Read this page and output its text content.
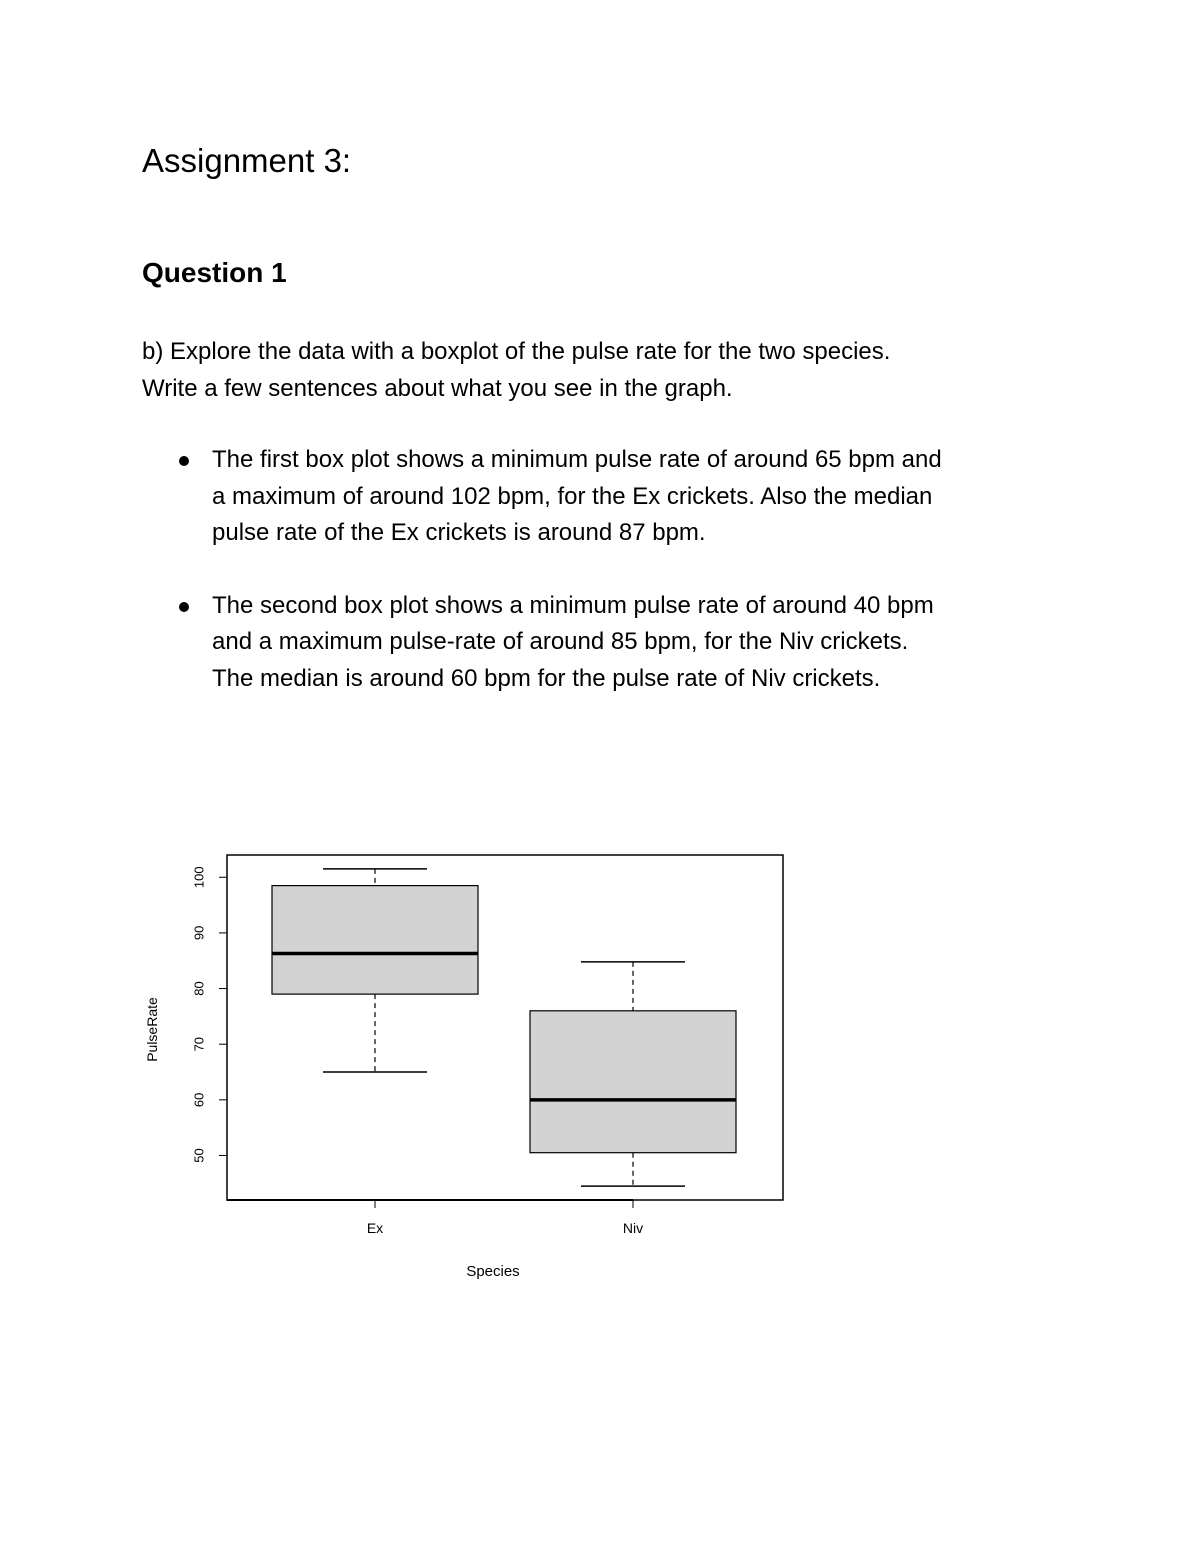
Assignment 3:
Question 1

b) Explore the data with a boxplot of the pulse rate for the two species.
Write a few sentences about what you see in the graph.

The first box plot shows a minimum pulse rate of around 65 bpm and
a maximum of around 102 bpm, for the Ex crickets. Also the median
pulse rate of the Ex crickets is around 87 bpm.
The second box plot shows a minimum pulse rate of around 40 bpm
and a maximum pulse-rate of around 85 bpm, for the Niv crickets.
The median is around 60 bpm for the pulse rate of Niv crickets.
50
60
70
80
90
100
Ex	Niv
PulseRate
Species
